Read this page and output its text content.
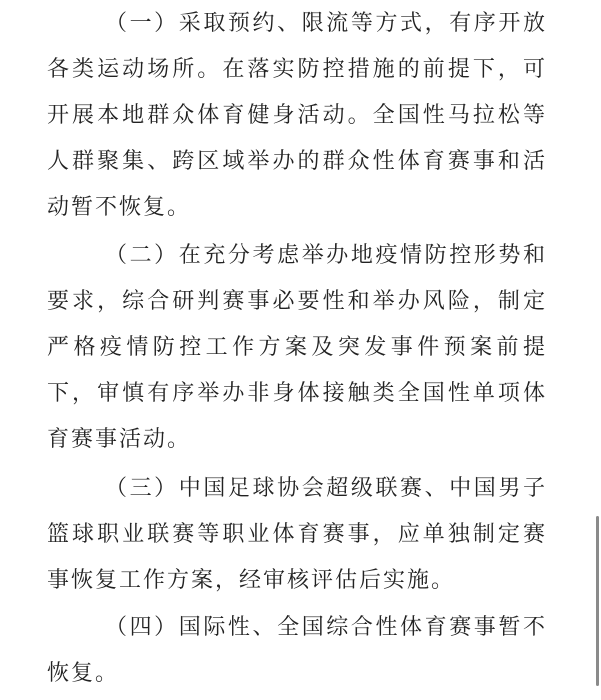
（一）采取预约、限流等方式，有序开放各类运动场所。在落实防控措施的前提下，可开展本地群众体育健身活动。全国性马拉松等人群聚集、跨区域举办的群众性体育赛事和活动暂不恢复。

（二）在充分考虑举办地疫情防控形势和要求，综合研判赛事必要性和举办风险，制定严格疫情防控工作方案及突发事件预案前提下，审慎有序举办非身体接触类全国性单项体育赛事活动。

（三）中国足球协会超级联赛、中国男子篮球职业联赛等职业体育赛事，应单独制定赛事恢复工作方案，经审核评估后实施。

（四）国际性、全国综合性体育赛事暂不恢复。
